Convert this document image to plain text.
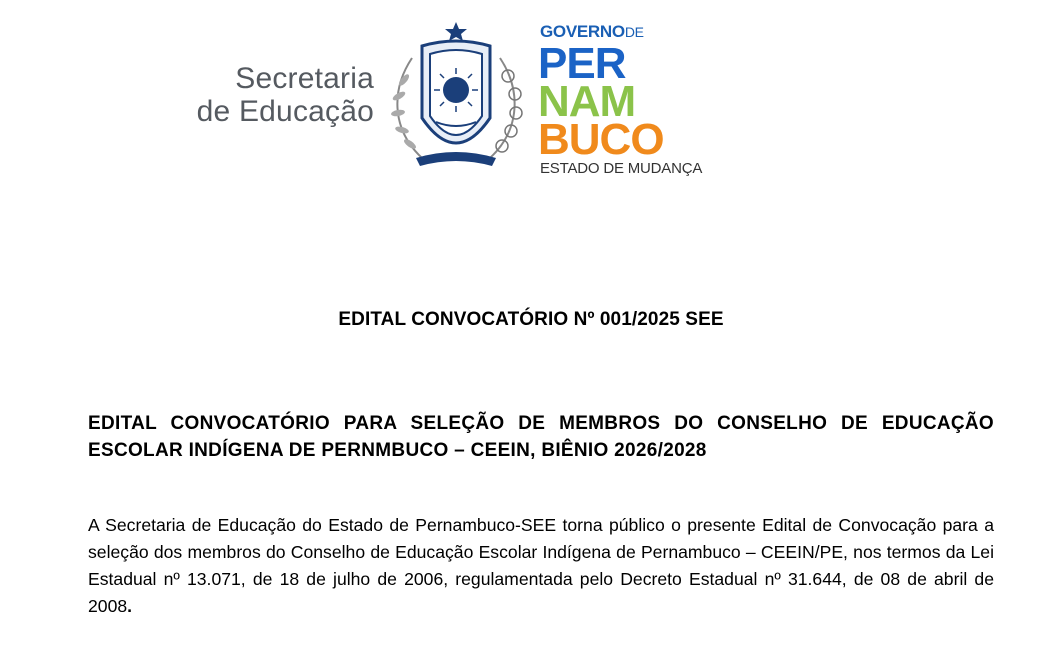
Secretaria
de Educação
GOVERNODE
PER
NAM
BUCO
ESTADO DE MUDANÇA
EDITAL CONVOCATÓRIO Nº 001/2025 SEE
EDITAL CONVOCATÓRIO PARA SELEÇÃO DE MEMBROS DO CONSELHO DE EDUCAÇÃO ESCOLAR INDÍGENA DE PERNMBUCO – CEEIN, BIÊNIO 2026/2028
A Secretaria de Educação do Estado de Pernambuco-SEE torna público o presente Edital de Convocação para a seleção dos membros do Conselho de Educação Escolar Indígena de Pernambuco – CEEIN/PE, nos termos da Lei Estadual nº 13.071, de 18 de julho de 2006, regulamentada pelo Decreto Estadual nº 31.644, de 08 de abril de 2008.
